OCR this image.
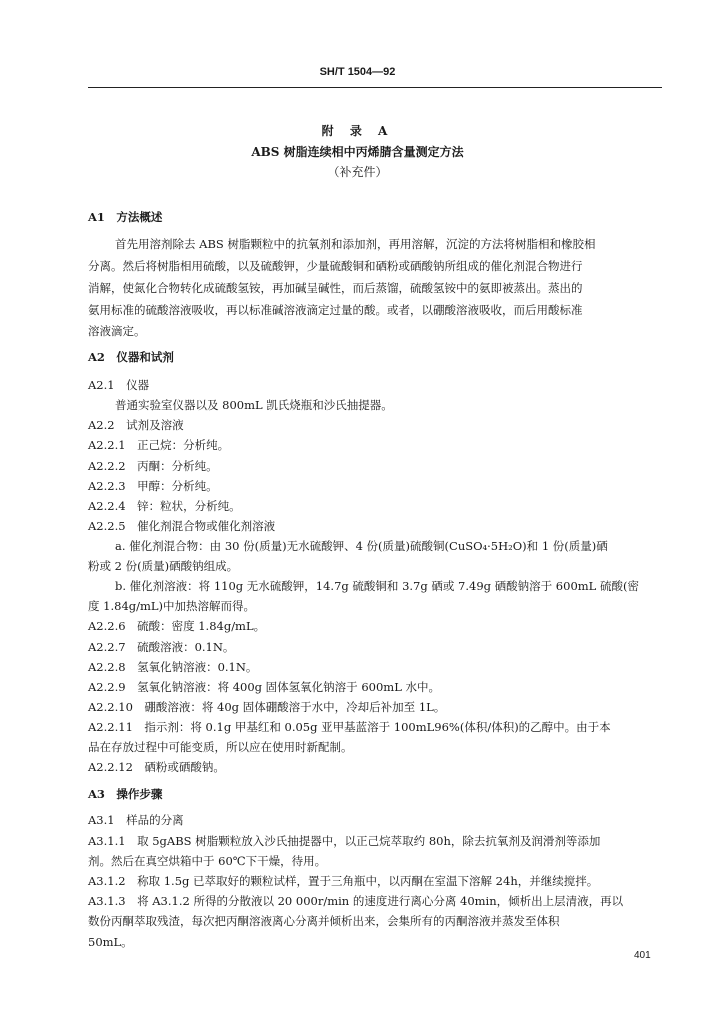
SH/T 1504—92
附 录 A
ABS 树脂连续相中丙烯腈含量测定方法
（补充件）
A1　方法概述
首先用溶剂除去 ABS 树脂颗粒中的抗氧剂和添加剂，再用溶解，沉淀的方法将树脂相和橡胶相
分离。然后将树脂相用硫酸，以及硫酸钾，少量硫酸铜和硒粉或硒酸钠所组成的催化剂混合物进行
消解，使氮化合物转化成硫酸氢铵，再加碱呈碱性，而后蒸馏，硫酸氢铵中的氨即被蒸出。蒸出的
氨用标准的硫酸溶液吸收，再以标准碱溶液滴定过量的酸。或者，以硼酸溶液吸收，而后用酸标准
溶液滴定。
A2　仪器和试剂
A2.1　仪器
普通实验室仪器以及 800mL 凯氏烧瓶和沙氏抽提器。
A2.2　试剂及溶液
A2.2.1　正己烷：分析纯。
A2.2.2　丙酮：分析纯。
A2.2.3　甲醇：分析纯。
A2.2.4　锌：粒状，分析纯。
A2.2.5　催化剂混合物或催化剂溶液
a. 催化剂混合物：由 30 份(质量)无水硫酸钾、4 份(质量)硫酸铜(CuSO₄·5H₂O)和 1 份(质量)硒
粉或 2 份(质量)硒酸钠组成。
b. 催化剂溶液：将 110g 无水硫酸钾，14.7g 硫酸铜和 3.7g 硒或 7.49g 硒酸钠溶于 600mL 硫酸(密
度 1.84g/mL)中加热溶解而得。
A2.2.6　硫酸：密度 1.84g/mL。
A2.2.7　硫酸溶液：0.1N。
A2.2.8　氢氧化钠溶液：0.1N。
A2.2.9　氢氧化钠溶液：将 400g 固体氢氧化钠溶于 600mL 水中。
A2.2.10　硼酸溶液：将 40g 固体硼酸溶于水中，冷却后补加至 1L。
A2.2.11　指示剂：将 0.1g 甲基红和 0.05g 亚甲基蓝溶于 100mL96%(体积/体积)的乙醇中。由于本
品在存放过程中可能变质，所以应在使用时新配制。
A2.2.12　硒粉或硒酸钠。
A3　操作步骤
A3.1　样品的分离
A3.1.1　取 5gABS 树脂颗粒放入沙氏抽提器中，以正己烷萃取约 80h，除去抗氧剂及润滑剂等添加
剂。然后在真空烘箱中于 60℃下干燥，待用。
A3.1.2　称取 1.5g 已萃取好的颗粒试样，置于三角瓶中，以丙酮在室温下溶解 24h，并继续搅拌。
A3.1.3　将 A3.1.2 所得的分散液以 20 000r/min 的速度进行离心分离 40min，倾析出上层清液，再以
数份丙酮萃取残渣，每次把丙酮溶液离心分离并倾析出来，会集所有的丙酮溶液并蒸发至体积
50mL。
401
